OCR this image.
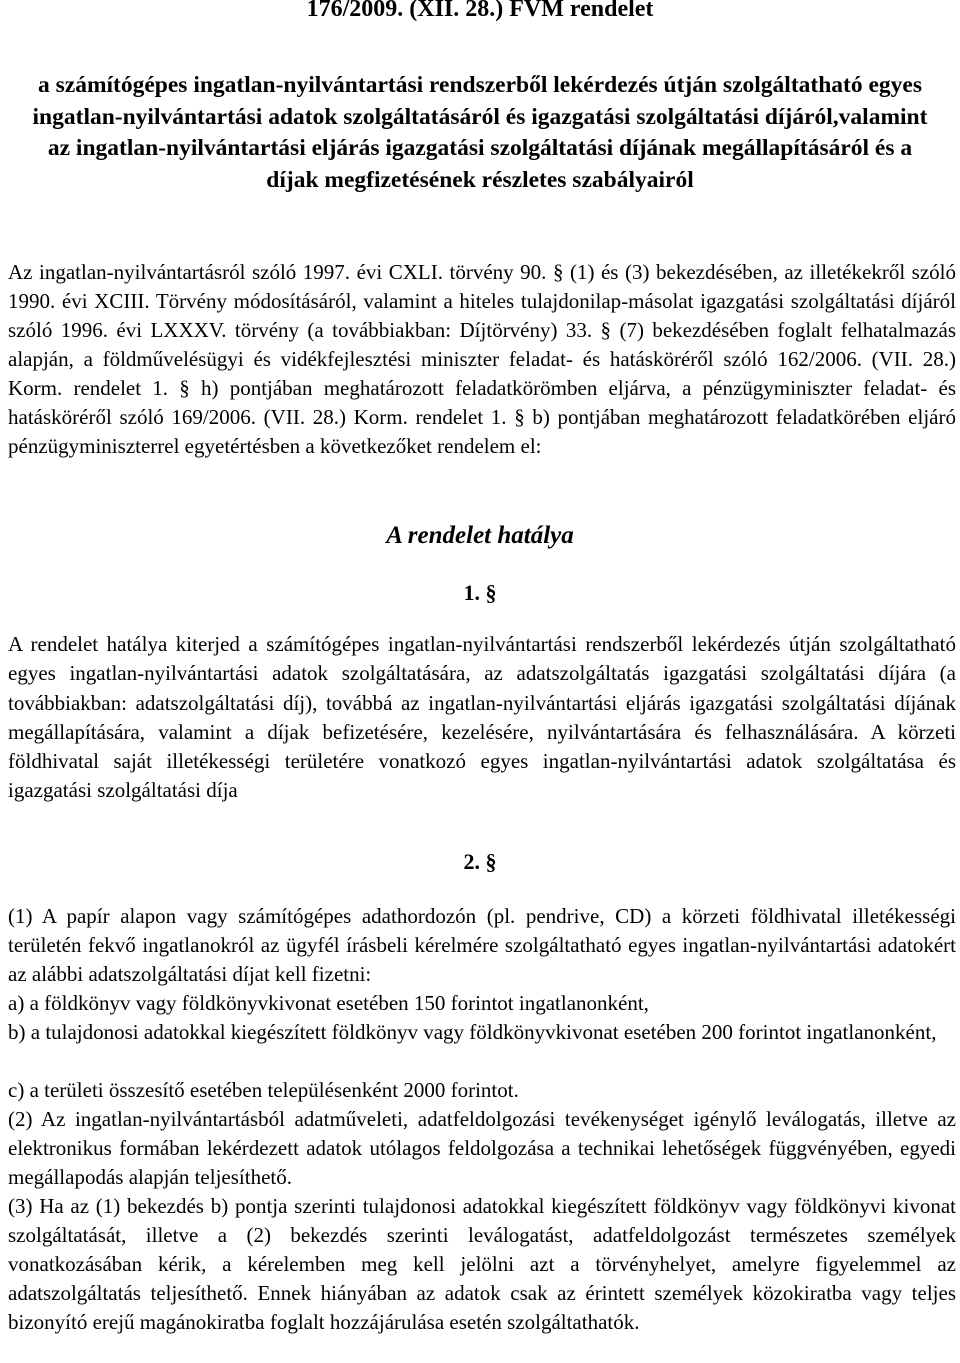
176/2009. (XII. 28.) FVM rendelet
a számítógépes ingatlan-nyilvántartási rendszerből lekérdezés útján szolgáltatható egyes ingatlan-nyilvántartási adatok szolgáltatásáról és igazgatási szolgáltatási díjáról,valamint az ingatlan-nyilvántartási eljárás igazgatási szolgáltatási díjának megállapításáról és a díjak megfizetésének részletes szabályairól
Az ingatlan-nyilvántartásról szóló 1997. évi CXLI. törvény 90. § (1) és (3) bekezdésében, az illetékekről szóló 1990. évi XCIII. Törvény módosításáról, valamint a hiteles tulajdonilap-másolat igazgatási szolgáltatási díjáról szóló 1996. évi LXXXV. törvény (a továbbiakban: Díjtörvény) 33. § (7) bekezdésében foglalt felhatalmazás alapján, a földművelésügyi és vidékfejlesztési miniszter feladat- és hatásköréről szóló 162/2006. (VII. 28.) Korm. rendelet 1. § h) pontjában meghatározott feladatkörömben eljárva, a pénzügyminiszter feladat- és hatásköréről szóló 169/2006. (VII. 28.) Korm. rendelet 1. § b) pontjában meghatározott feladatkörében eljáró pénzügyminiszterrel egyetértésben a következőket rendelem el:
A rendelet hatálya
1. §
A rendelet hatálya kiterjed a számítógépes ingatlan-nyilvántartási rendszerből lekérdezés útján szolgáltatható egyes ingatlan-nyilvántartási adatok szolgáltatására, az adatszolgáltatás igazgatási szolgáltatási díjára (a továbbiakban: adatszolgáltatási díj), továbbá az ingatlan-nyilvántartási eljárás igazgatási szolgáltatási díjának megállapítására, valamint a díjak befizetésére, kezelésére, nyilvántartására és felhasználására. A körzeti földhivatal saját illetékességi területére vonatkozó egyes ingatlan-nyilvántartási adatok szolgáltatása és igazgatási szolgáltatási díja
2. §
(1) A papír alapon vagy számítógépes adathordozón (pl. pendrive, CD) a körzeti földhivatal illetékességi területén fekvő ingatlanokról az ügyfél írásbeli kérelmére szolgáltatható egyes ingatlan-nyilvántartási adatokért az alábbi adatszolgáltatási díjat kell fizetni:
a) a földkönyv vagy földkönyvkivonat esetében 150 forintot ingatlanonként,
b) a tulajdonosi adatokkal kiegészített földkönyv vagy földkönyvkivonat esetében 200 forintot ingatlanonként,
c) a területi összesítő esetében településenként 2000 forintot.
(2) Az ingatlan-nyilvántartásból adatműveleti, adatfeldolgozási tevékenységet igénylő leválogatás, illetve az elektronikus formában lekérdezett adatok utólagos feldolgozása a technikai lehetőségek függvényében, egyedi megállapodás alapján teljesíthető.
(3) Ha az (1) bekezdés b) pontja szerinti tulajdonosi adatokkal kiegészített földkönyv vagy földkönyvi kivonat szolgáltatását, illetve a (2) bekezdés szerinti leválogatást, adatfeldolgozást természetes személyek vonatkozásában kérik, a kérelemben meg kell jelölni azt a törvényhelyet, amelyre figyelemmel az adatszolgáltatás teljesíthető. Ennek hiányában az adatok csak az érintett személyek közokiratba vagy teljes bizonyító erejű magánokiratba foglalt hozzájárulása esetén szolgáltathatók.
